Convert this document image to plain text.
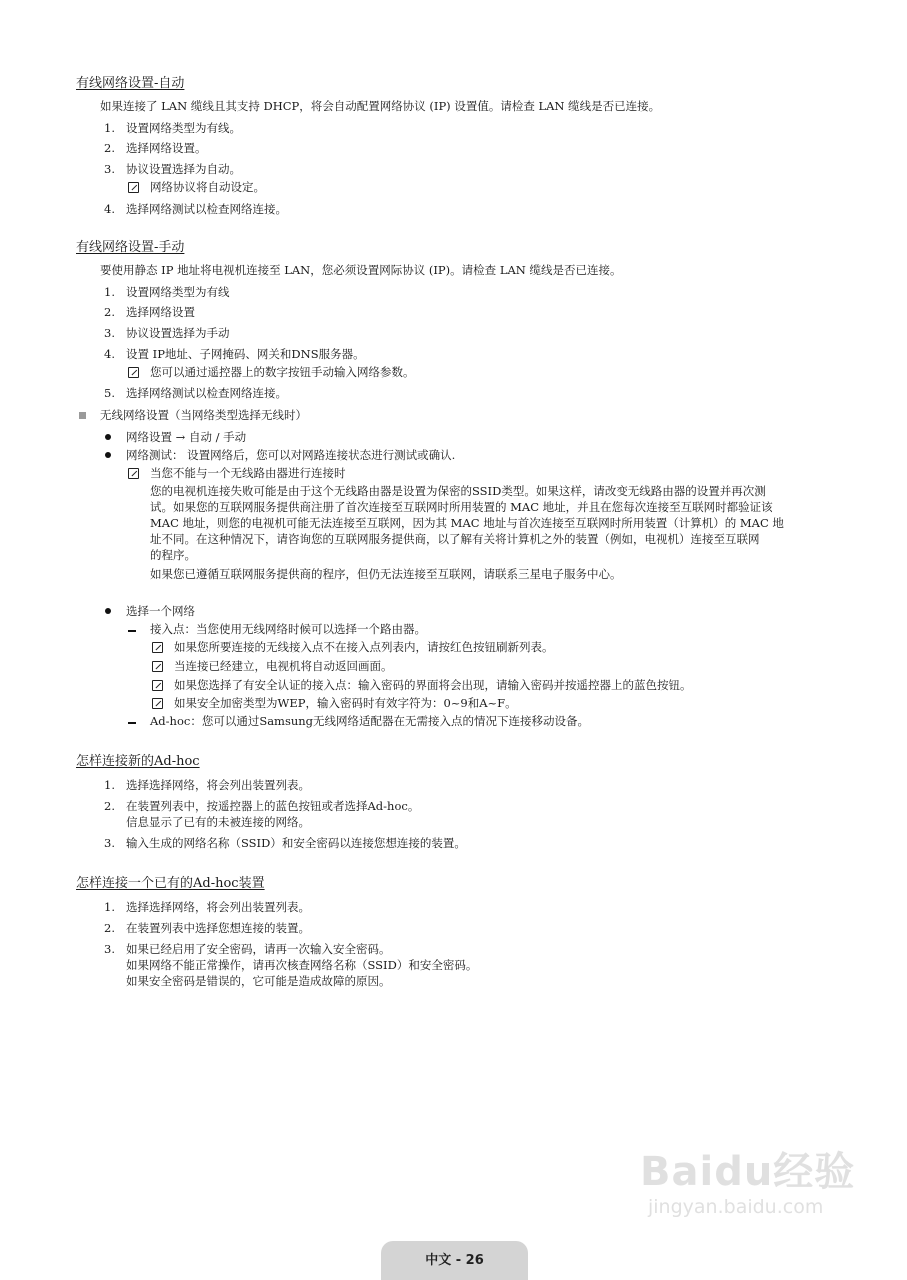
有线网络设置-自动
如果连接了 LAN 缆线且其支持 DHCP，将会自动配置网络协议 (IP) 设置值。请检查 LAN 缆线是否已连接。
1. 设置网络类型为有线。
2. 选择网络设置。
3. 协议设置选择为自动。
网络协议将自动设定。
4. 选择网络测试以检查网络连接。
有线网络设置-手动
要使用静态 IP 地址将电视机连接至 LAN，您必须设置网际协议 (IP)。请检查 LAN 缆线是否已连接。
1. 设置网络类型为有线
2. 选择网络设置
3. 协议设置选择为手动
4. 设置 IP地址、子网掩码、网关和DNS服务器。
您可以通过遥控器上的数字按钮手动输入网络参数。
5. 选择网络测试以检查网络连接。
无线网络设置（当网络类型选择无线时）
网络设置 → 自动 / 手动
网络测试： 设置网络后，您可以对网路连接状态进行测试或确认.
当您不能与一个无线路由器进行连接时
您的电视机连接失败可能是由于这个无线路由器是设置为保密的SSID类型。如果这样，请改变无线路由器的设置并再次测
试。如果您的互联网服务提供商注册了首次连接至互联网时所用装置的 MAC 地址，并且在您每次连接至互联网时都验证该
MAC 地址，则您的电视机可能无法连接至互联网，因为其 MAC 地址与首次连接至互联网时所用装置（计算机）的 MAC 地
址不同。在这种情况下，请咨询您的互联网服务提供商，以了解有关将计算机之外的装置（例如，电视机）连接至互联网
的程序。
如果您已遵循互联网服务提供商的程序，但仍无法连接至互联网，请联系三星电子服务中心。
选择一个网络
接入点：当您使用无线网络时候可以选择一个路由器。
如果您所要连接的无线接入点不在接入点列表内，请按红色按钮刷新列表。
当连接已经建立，电视机将自动返回画面。
如果您选择了有安全认证的接入点：输入密码的界面将会出现，请输入密码并按遥控器上的蓝色按钮。
如果安全加密类型为WEP，输入密码时有效字符为：0~9和A~F。
Ad-hoc：您可以通过Samsung无线网络适配器在无需接入点的情况下连接移动设备。
怎样连接新的Ad-hoc
1. 选择选择网络，将会列出装置列表。
2. 在装置列表中，按遥控器上的蓝色按钮或者选择Ad-hoc。
信息显示了已有的未被连接的网络。
3. 输入生成的网络名称（SSID）和安全密码以连接您想连接的装置。
怎样连接一个已有的Ad-hoc装置
1. 选择选择网络，将会列出装置列表。
2. 在装置列表中选择您想连接的装置。
3. 如果已经启用了安全密码，请再一次输入安全密码。
如果网络不能正常操作，请再次核查网络名称（SSID）和安全密码。
如果安全密码是错误的，它可能是造成故障的原因。
Baidu经验
jingyan.baidu.com
中文 - 26
